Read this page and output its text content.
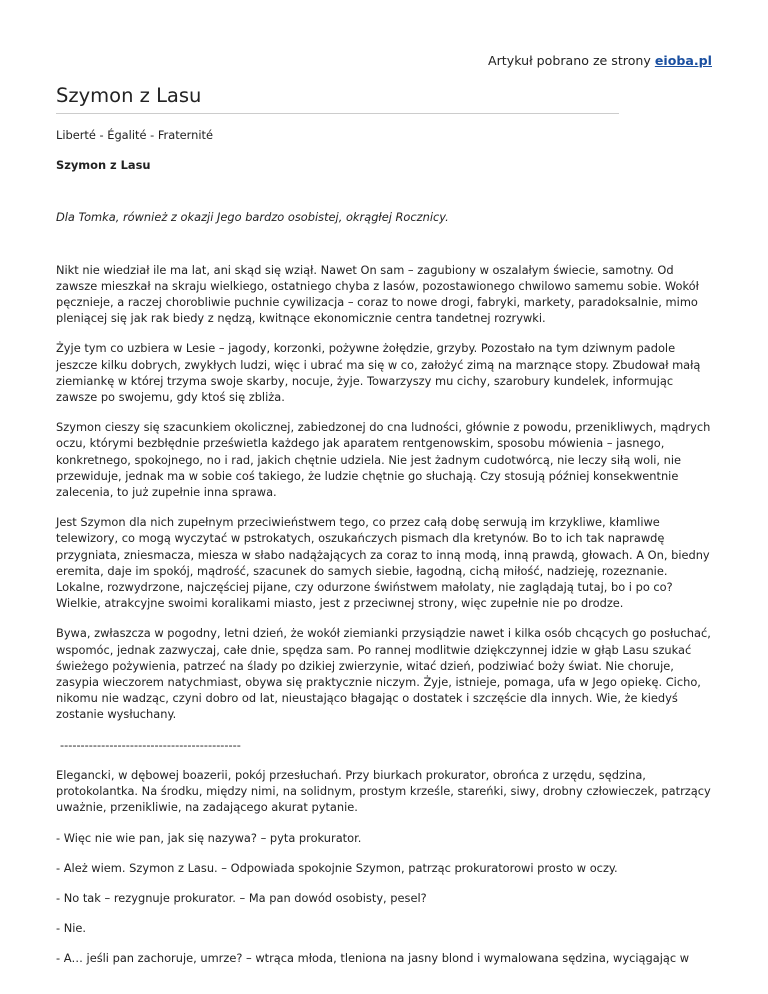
Artykuł pobrano ze strony eioba.pl
Szymon z Lasu

Liberté - Égalité - Fraternité

Szymon z Lasu

Dla Tomka, również z okazji Jego bardzo osobistej, okrągłej Rocznicy.

Nikt nie wiedział ile ma lat, ani skąd się wziął. Nawet On sam – zagubiony w oszalałym świecie, samotny. Od zawsze mieszkał na skraju wielkiego, ostatniego chyba z lasów, pozostawionego chwilowo samemu sobie. Wokół pęcznieje, a raczej chorobliwie puchnie cywilizacja – coraz to nowe drogi, fabryki, markety, paradoksalnie, mimo pleniącej się jak rak biedy z nędzą, kwitnące ekonomicznie centra tandetnej rozrywki.

Żyje tym co uzbiera w Lesie – jagody, korzonki, pożywne żołędzie, grzyby. Pozostało na tym dziwnym padole jeszcze kilku dobrych, zwykłych ludzi, więc i ubrać ma się w co, założyć zimą na marznące stopy. Zbudował małą ziemiankę w której trzyma swoje skarby, nocuje, żyje. Towarzyszy mu cichy, szarobury kundelek, informując zawsze po swojemu, gdy ktoś się zbliża.

Szymon cieszy się szacunkiem okolicznej, zabiedzonej do cna ludności, głównie z powodu, przenikliwych, mądrych oczu, którymi bezbłędnie prześwietla każdego jak aparatem rentgenowskim, sposobu mówienia – jasnego, konkretnego, spokojnego, no i rad, jakich chętnie udziela. Nie jest żadnym cudotwórcą, nie leczy siłą woli, nie przewiduje, jednak ma w sobie coś takiego, że ludzie chętnie go słuchają. Czy stosują później konsekwentnie zalecenia, to już zupełnie inna sprawa.

Jest Szymon dla nich zupełnym przeciwieństwem tego, co przez całą dobę serwują im krzykliwe, kłamliwe telewizory, co mogą wyczytać w pstrokatych, oszukańczych pismach dla kretynów. Bo to ich tak naprawdę przygniata, zniesmacza, miesza w słabo nadążających za coraz to inną modą, inną prawdą, głowach. A On, biedny eremita, daje im spokój, mądrość, szacunek do samych siebie, łagodną, cichą miłość, nadzieję, rozeznanie. Lokalne, rozwydrzone, najczęściej pijane, czy odurzone świństwem małolaty, nie zaglądają tutaj, bo i po co? Wielkie, atrakcyjne swoimi koralikami miasto, jest z przeciwnej strony, więc zupełnie nie po drodze.

Bywa, zwłaszcza w pogodny, letni dzień, że wokół ziemianki przysiądzie nawet i kilka osób chcących go posłuchać, wspomóc, jednak zazwyczaj, całe dnie, spędza sam. Po rannej modlitwie dziękczynnej idzie w głąb Lasu szukać świeżego pożywienia, patrzeć na ślady po dzikiej zwierzynie, witać dzień, podziwiać boży świat. Nie choruje, zasypia wieczorem natychmiast, obywa się praktycznie niczym. Żyje, istnieje, pomaga, ufa w Jego opiekę. Cicho, nikomu nie wadząc, czyni dobro od lat, nieustająco błagając o dostatek i szczęście dla innych. Wie, że kiedyś zostanie wysłuchany.

--------------------------------------------

Elegancki, w dębowej boazerii, pokój przesłuchań. Przy biurkach prokurator, obrońca z urzędu, sędzina, protokolantka. Na środku, między nimi, na solidnym, prostym krześle, stareńki, siwy, drobny człowieczek, patrzący uważnie, przenikliwie, na zadającego akurat pytanie.

- Więc nie wie pan, jak się nazywa? – pyta prokurator.

- Ależ wiem. Szymon z Lasu. – Odpowiada spokojnie Szymon, patrząc prokuratorowi prosto w oczy.

- No tak – rezygnuje prokurator. – Ma pan dowód osobisty, pesel?

- Nie.

- A… jeśli pan zachoruje, umrze? – wtrąca młoda, tleniona na jasny blond i wymalowana sędzina, wyciągając w
